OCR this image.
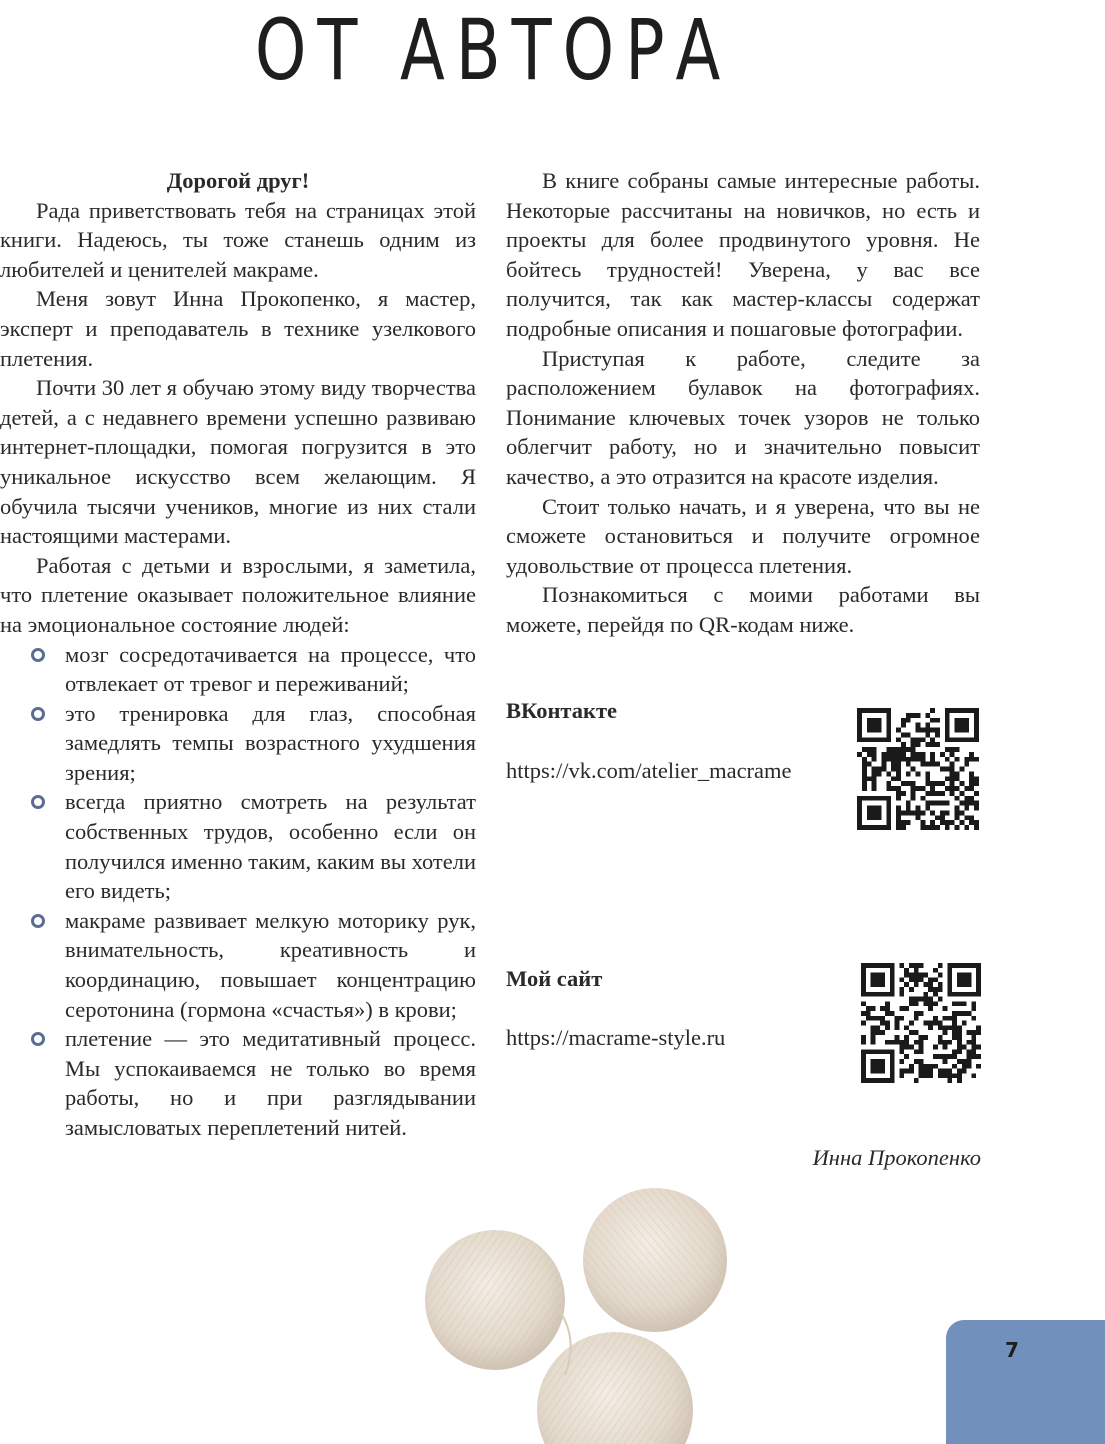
ОТ АВТОРА

Дорогой друг!

Рада приветствовать тебя на страницах этой книги. Надеюсь, ты тоже станешь одним из любителей и ценителей макраме.

Меня зовут Инна Прокопенко, я мастер, эксперт и преподаватель в технике узелкового плетения.

Почти 30 лет я обучаю этому виду творчества детей, а с недавнего времени успешно развиваю интернет-площадки, помогая погрузится в это уникальное искусство всем желающим. Я обучила тысячи учеников, многие из них стали настоящими мастерами.

Работая с детьми и взрослыми, я заметила, что плетение оказывает положительное влияние на эмоциональное состояние людей:

мозг сосредотачивается на процессе, что отвлекает от тревог и переживаний;
это тренировка для глаз, способная замедлять темпы возрастного ухудшения зрения;
всегда приятно смотреть на результат собственных трудов, особенно если он получился именно таким, каким вы хотели его видеть;
макраме развивает мелкую моторику рук, внимательность, креативность и координацию, повышает концентрацию серотонина (гормона «счастья») в крови;
плетение — это медитативный процесс. Мы успокаиваемся не только во время работы, но и при разглядывании замысловатых переплетений нитей.

В книге собраны самые интересные работы. Некоторые рассчитаны на новичков, но есть и проекты для более продвинутого уровня. Не бойтесь трудностей! Уверена, у вас все получится, так как мастер-классы содержат подробные описания и пошаговые фотографии.

Приступая к работе, следите за расположением булавок на фотографиях. Понимание ключевых точек узоров не только облегчит работу, но и значительно повысит качество, а это отразится на красоте изделия.

Стоит только начать, и я уверена, что вы не сможете остановиться и получите огромное удовольствие от процесса плетения.

Познакомиться с моими работами вы можете, перейдя по QR-кодам ниже.

ВКонтакте
https://vk.com/atelier_macrame
Мой сайт
https://macrame-style.ru
Инна Прокопенко
7
